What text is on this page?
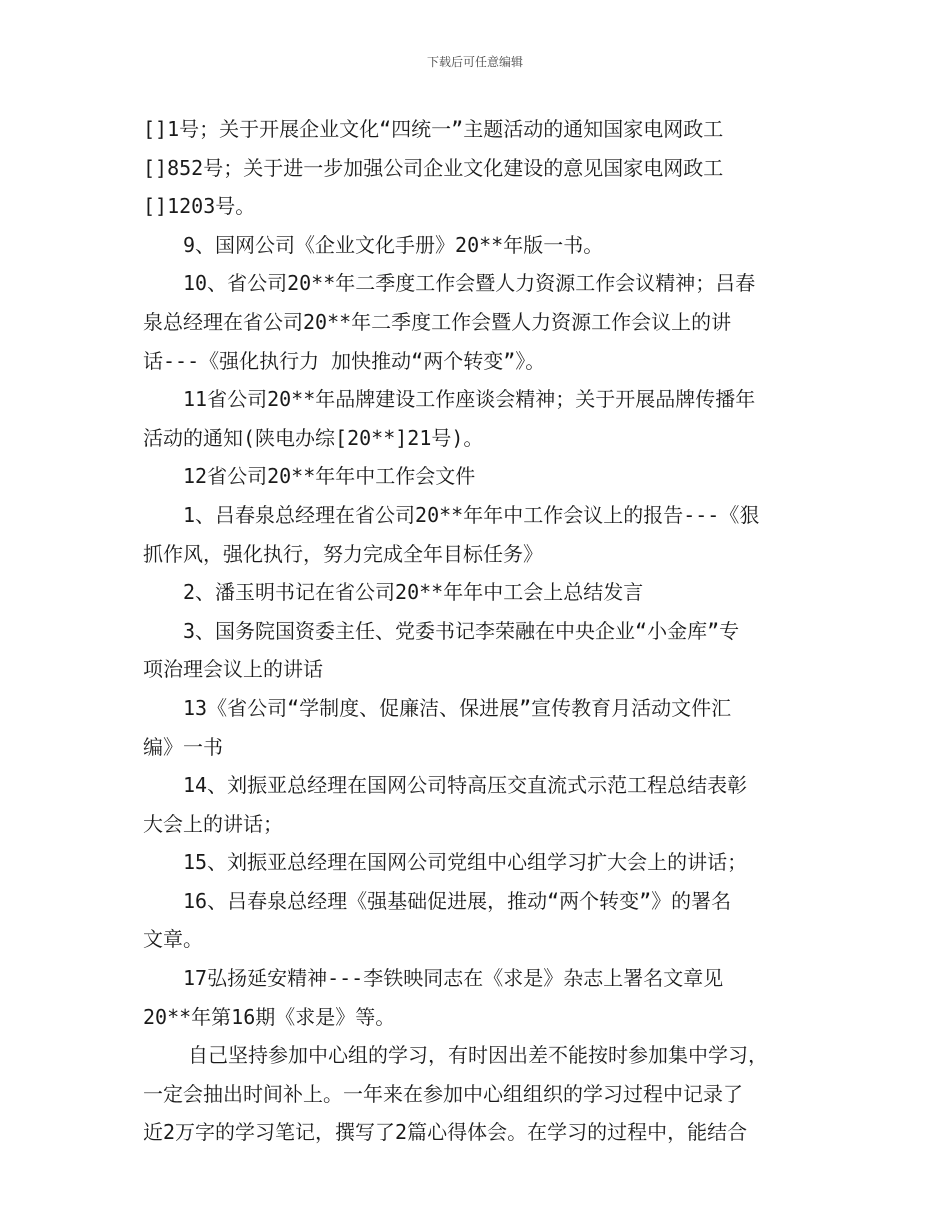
下载后可任意编辑
[]1号；关于开展企业文化“四统一”主题活动的通知国家电网政工
[]852号；关于进一步加强公司企业文化建设的意见国家电网政工
[]1203号。
9、国网公司《企业文化手册》20**年版一书。
10、省公司20**年二季度工作会暨人力资源工作会议精神；吕春
泉总经理在省公司20**年二季度工作会暨人力资源工作会议上的讲
话---《强化执行力 加快推动“两个转变”》。
11省公司20**年品牌建设工作座谈会精神；关于开展品牌传播年
活动的通知(陕电办综[20**]21号)。
12省公司20**年年中工作会文件
1、吕春泉总经理在省公司20**年年中工作会议上的报告---《狠
抓作风，强化执行，努力完成全年目标任务》
2、潘玉明书记在省公司20**年年中工会上总结发言
3、国务院国资委主任、党委书记李荣融在中央企业“小金库”专
项治理会议上的讲话
13《省公司“学制度、促廉洁、保进展”宣传教育月活动文件汇
编》一书
14、刘振亚总经理在国网公司特高压交直流式示范工程总结表彰
大会上的讲话；
15、刘振亚总经理在国网公司党组中心组学习扩大会上的讲话；
16、吕春泉总经理《强基础促进展，推动“两个转变”》的署名
文章。
17弘扬延安精神---李铁映同志在《求是》杂志上署名文章见
20**年第16期《求是》等。
自己坚持参加中心组的学习，有时因出差不能按时参加集中学习，
一定会抽出时间补上。一年来在参加中心组组织的学习过程中记录了
近2万字的学习笔记，撰写了2篇心得体会。在学习的过程中，能结合
